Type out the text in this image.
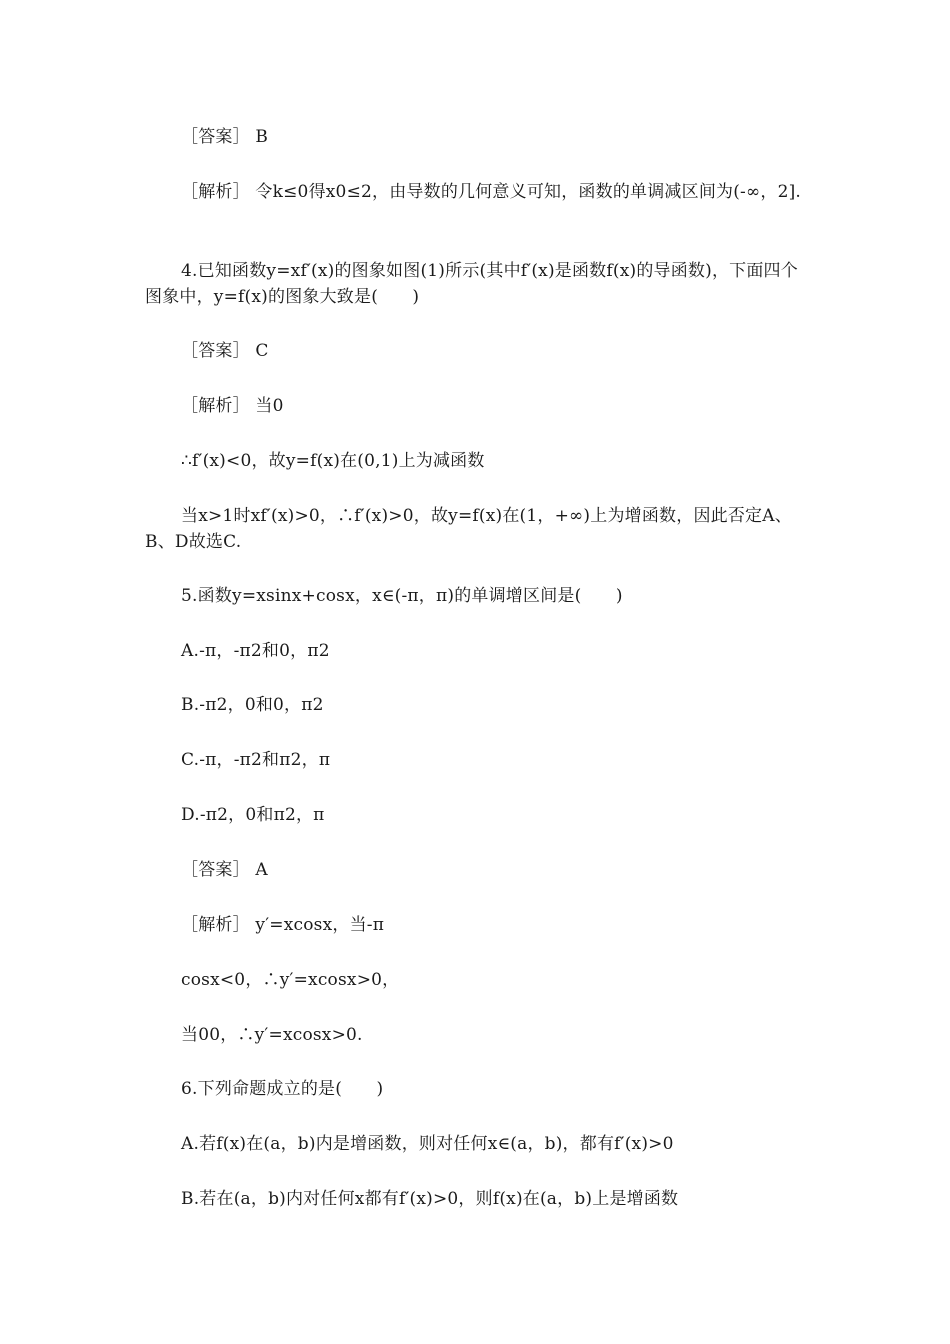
［答案］ B

［解析］ 令k≤0得x0≤2，由导数的几何意义可知，函数的单调减区间为(-∞，2].

4.已知函数y=xf′(x)的图象如图(1)所示(其中f′(x)是函数f(x)的导函数)，下面四个图象中，y=f(x)的图象大致是(　　)

［答案］ C

［解析］ 当0

∴f′(x)<0，故y=f(x)在(0,1)上为减函数

当x>1时xf′(x)>0，∴f′(x)>0，故y=f(x)在(1，+∞)上为增函数，因此否定A、B、D故选C.

5.函数y=xsinx+cosx，x∈(-π，π)的单调增区间是(　　)

A.-π，-π2和0，π2

B.-π2，0和0，π2

C.-π，-π2和π2，π

D.-π2，0和π2，π

［答案］ A

［解析］ y′=xcosx，当-π

cosx<0，∴y′=xcosx>0，

当00，∴y′=xcosx>0.

6.下列命题成立的是(　　)

A.若f(x)在(a，b)内是增函数，则对任何x∈(a，b)，都有f′(x)>0

B.若在(a，b)内对任何x都有f′(x)>0，则f(x)在(a，b)上是增函数
